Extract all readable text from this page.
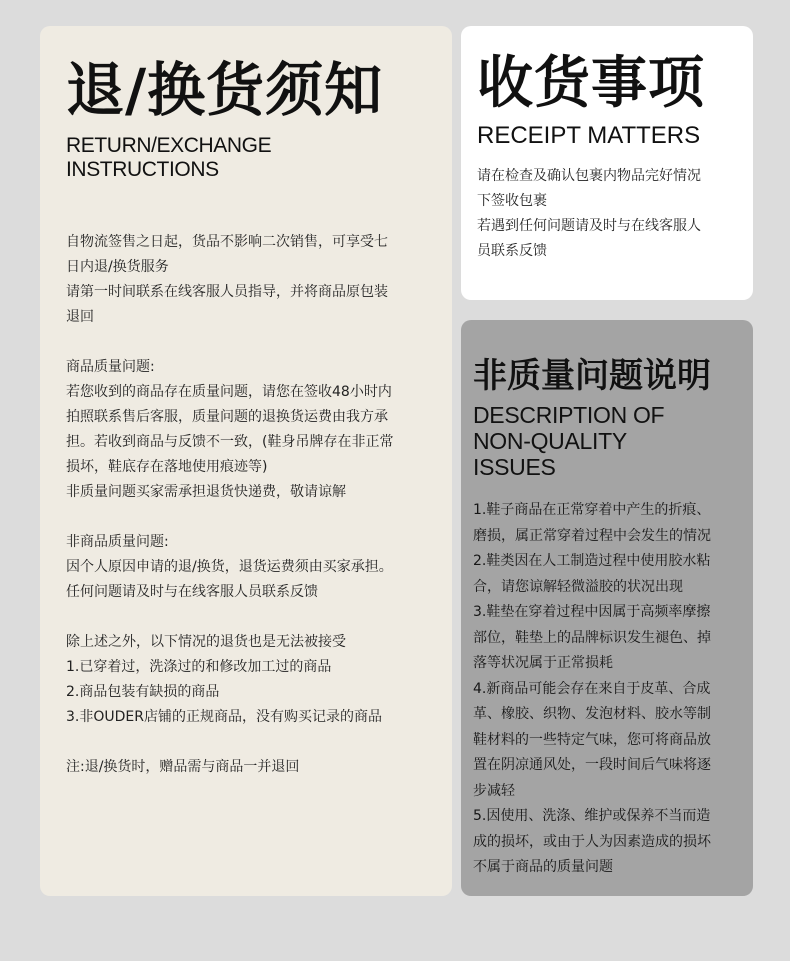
退/换货须知
RETURN/EXCHANGE
INSTRUCTIONS
自物流签售之日起，货品不影响二次销售，可享受七
日内退/换货服务
请第一时间联系在线客服人员指导，并将商品原包装
退回
商品质量问题:
若您收到的商品存在质量问题，请您在签收48小时内
拍照联系售后客服，质量问题的退换货运费由我方承
担。若收到商品与反馈不一致，(鞋身吊牌存在非正常
损坏，鞋底存在落地使用痕迹等)
非质量问题买家需承担退货快递费，敬请谅解
非商品质量问题:
因个人原因申请的退/换货，退货运费须由买家承担。
任何问题请及时与在线客服人员联系反馈
除上述之外，以下情况的退货也是无法被接受
1.已穿着过，洗涤过的和修改加工过的商品
2.商品包装有缺损的商品
3.非OUDER店铺的正规商品，没有购买记录的商品
注:退/换货时，赠品需与商品一并退回
收货事项
RECEIPT MATTERS
请在检查及确认包裹内物品完好情况
下签收包裹
若遇到任何问题请及时与在线客服人
员联系反馈
非质量问题说明
DESCRIPTION OF
NON-QUALITY
ISSUES
1.鞋子商品在正常穿着中产生的折痕、
磨损，属正常穿着过程中会发生的情况
2.鞋类因在人工制造过程中使用胶水粘
合，请您谅解轻微溢胶的状况出现
3.鞋垫在穿着过程中因属于高频率摩擦
部位，鞋垫上的品牌标识发生褪色、掉
落等状况属于正常损耗
4.新商品可能会存在来自于皮革、合成
革、橡胶、织物、发泡材料、胶水等制
鞋材料的一些特定气味，您可将商品放
置在阴凉通风处，一段时间后气味将逐
步减轻
5.因使用、洗涤、维护或保养不当而造
成的损坏，或由于人为因素造成的损坏
不属于商品的质量问题
